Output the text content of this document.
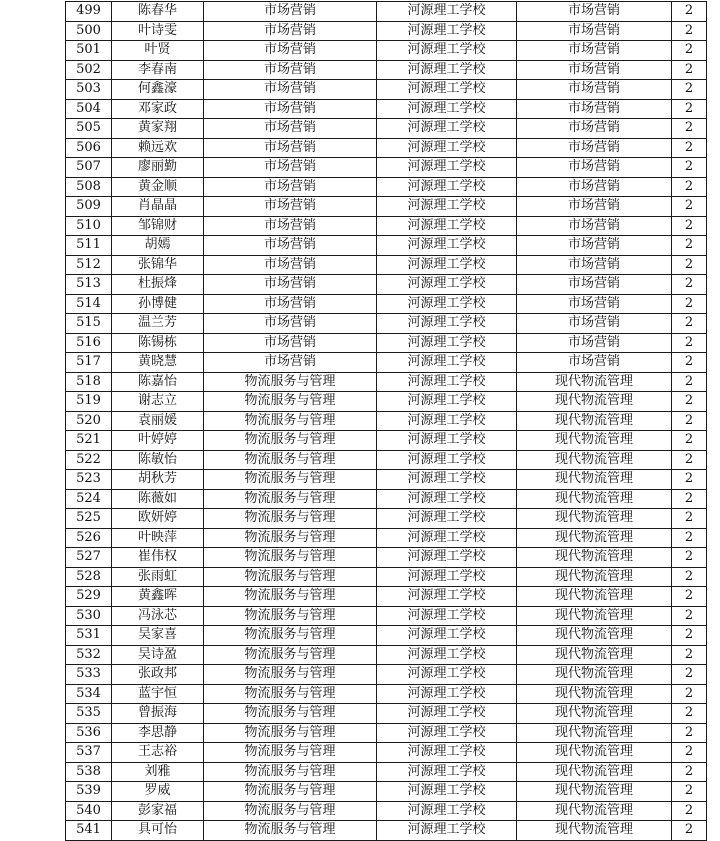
499	陈春华	市场营销	河源理工学校	市场营销	2
500	叶诗雯	市场营销	河源理工学校	市场营销	2
501	叶贤	市场营销	河源理工学校	市场营销	2
502	李春南	市场营销	河源理工学校	市场营销	2
503	何鑫濠	市场营销	河源理工学校	市场营销	2
504	邓家政	市场营销	河源理工学校	市场营销	2
505	黄家翔	市场营销	河源理工学校	市场营销	2
506	赖远欢	市场营销	河源理工学校	市场营销	2
507	廖丽勤	市场营销	河源理工学校	市场营销	2
508	黄金顺	市场营销	河源理工学校	市场营销	2
509	肖晶晶	市场营销	河源理工学校	市场营销	2
510	邹锦财	市场营销	河源理工学校	市场营销	2
511	胡嫣	市场营销	河源理工学校	市场营销	2
512	张锦华	市场营销	河源理工学校	市场营销	2
513	杜振烽	市场营销	河源理工学校	市场营销	2
514	孙博健	市场营销	河源理工学校	市场营销	2
515	温兰芳	市场营销	河源理工学校	市场营销	2
516	陈锡栋	市场营销	河源理工学校	市场营销	2
517	黄晓慧	市场营销	河源理工学校	市场营销	2
518	陈嘉怡	物流服务与管理	河源理工学校	现代物流管理	2
519	谢志立	物流服务与管理	河源理工学校	现代物流管理	2
520	袁丽媛	物流服务与管理	河源理工学校	现代物流管理	2
521	叶婷婷	物流服务与管理	河源理工学校	现代物流管理	2
522	陈敏怡	物流服务与管理	河源理工学校	现代物流管理	2
523	胡秋芳	物流服务与管理	河源理工学校	现代物流管理	2
524	陈薇如	物流服务与管理	河源理工学校	现代物流管理	2
525	欧妍婷	物流服务与管理	河源理工学校	现代物流管理	2
526	叶映萍	物流服务与管理	河源理工学校	现代物流管理	2
527	崔伟权	物流服务与管理	河源理工学校	现代物流管理	2
528	张雨虹	物流服务与管理	河源理工学校	现代物流管理	2
529	黄鑫晖	物流服务与管理	河源理工学校	现代物流管理	2
530	冯泳芯	物流服务与管理	河源理工学校	现代物流管理	2
531	吴家喜	物流服务与管理	河源理工学校	现代物流管理	2
532	吴诗盈	物流服务与管理	河源理工学校	现代物流管理	2
533	张政邦	物流服务与管理	河源理工学校	现代物流管理	2
534	蓝宇恒	物流服务与管理	河源理工学校	现代物流管理	2
535	曾振海	物流服务与管理	河源理工学校	现代物流管理	2
536	李思静	物流服务与管理	河源理工学校	现代物流管理	2
537	王志裕	物流服务与管理	河源理工学校	现代物流管理	2
538	刘雅	物流服务与管理	河源理工学校	现代物流管理	2
539	罗威	物流服务与管理	河源理工学校	现代物流管理	2
540	彭家福	物流服务与管理	河源理工学校	现代物流管理	2
541	具可怡	物流服务与管理	河源理工学校	现代物流管理	2
